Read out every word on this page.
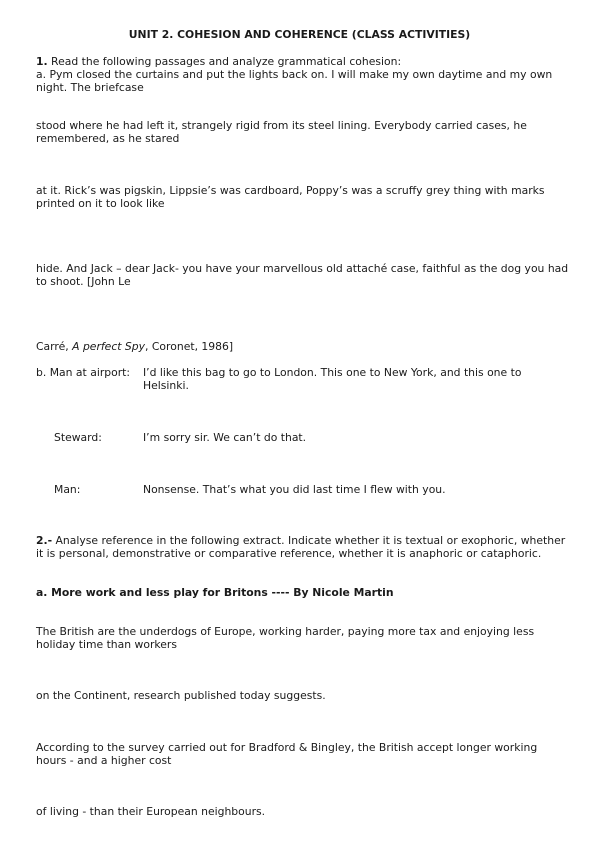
UNIT 2. COHESION AND COHERENCE (CLASS ACTIVITIES)
1. Read the following passages and analyze grammatical cohesion:
a. Pym closed the curtains and put the lights back on. I will make my own daytime and my own night. The briefcase
stood where he had left it, strangely rigid from its steel lining. Everybody carried cases, he remembered, as he stared
at it. Rick’s was pigskin, Lippsie’s was cardboard, Poppy’s was a scruffy grey thing with marks printed on it to look like
hide. And Jack – dear Jack- you have your marvellous old attaché case, faithful as the dog you had to shoot. [John Le
Carré, A perfect Spy, Coronet, 1986]
b. Man at airport:	I’d like this bag to go to London. This one to New York, and this one to Helsinki.
Steward:	I’m sorry sir. We can’t do that.
Man:	Nonsense. That’s what you did last time I flew with you.
2.- Analyse reference in the following extract. Indicate whether it is textual or exophoric, whether it is personal, demonstrative or comparative reference, whether it is anaphoric or cataphoric.
a. More work and less play for Britons ---- By Nicole Martin
The British are the underdogs of Europe, working harder, paying more tax and enjoying less holiday time than workers
on the Continent, research published today suggests.
According to the survey carried out for Bradford & Bingley, the British accept longer working hours - and a higher cost
of living - than their European neighbours.
